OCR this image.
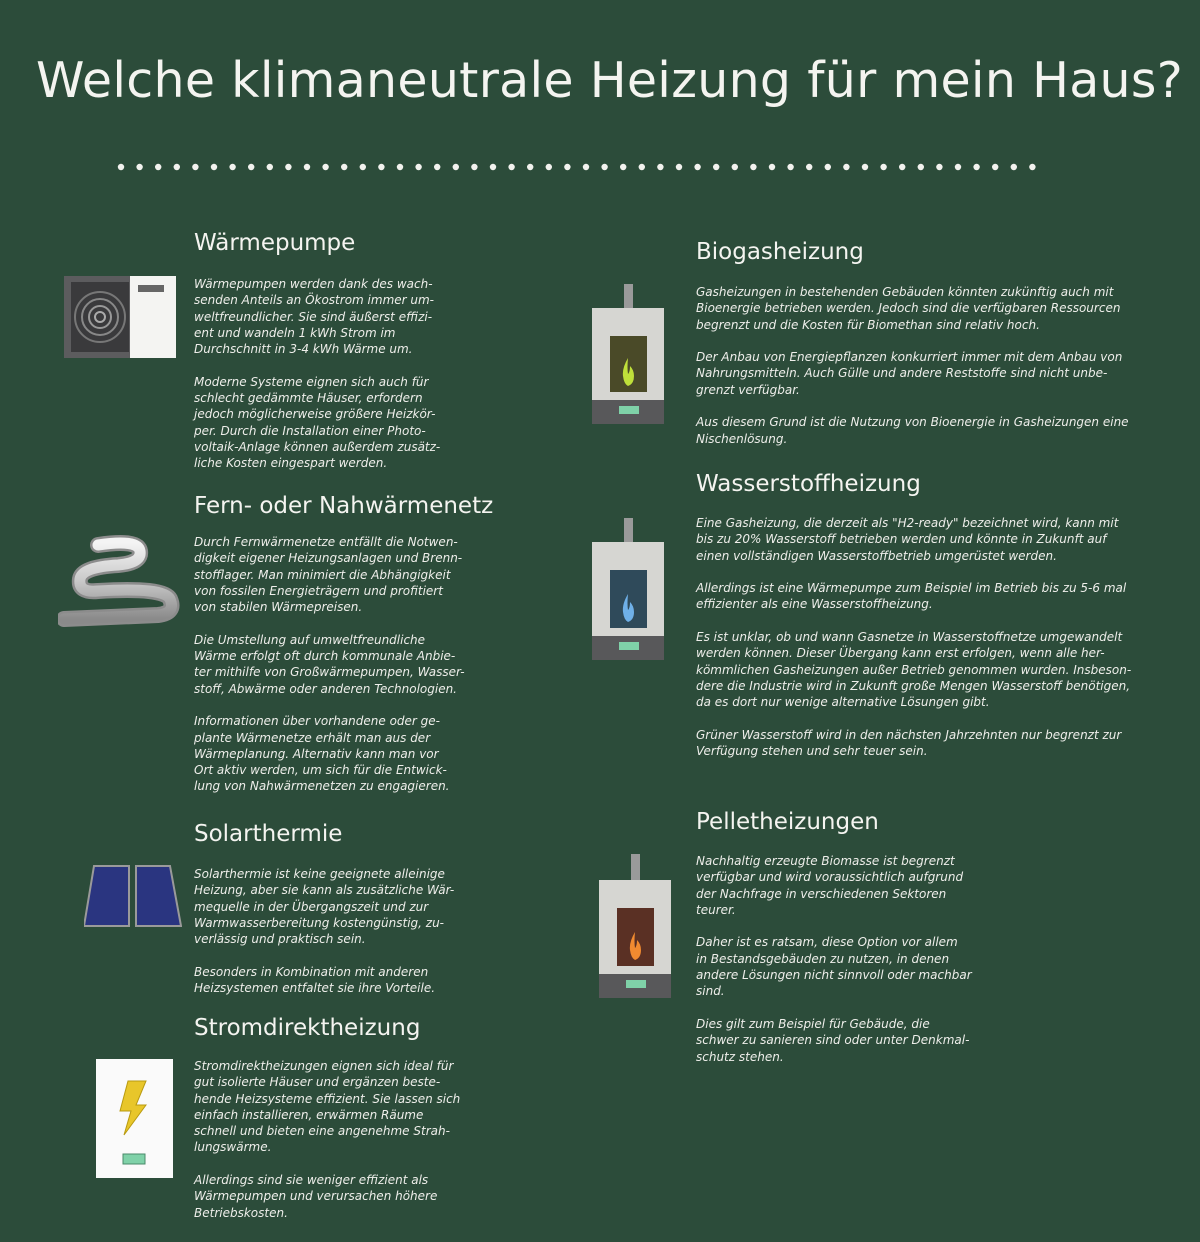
Welche klimaneutrale Heizung für mein Haus?
Wärmepumpe
Wärmepumpen werden dank des wach-
senden Anteils an Ökostrom immer um-
weltfreundlicher. Sie sind äußerst effizi-
ent und wandeln 1 kWh Strom im
Durchschnitt in 3-4 kWh Wärme um.

Moderne Systeme eignen sich auch für
schlecht gedämmte Häuser, erfordern
jedoch möglicherweise größere Heizkör-
per. Durch die Installation einer Photo-
voltaik-Anlage können außerdem zusätz-
liche Kosten eingespart werden.
Fern- oder Nahwärmenetz
Durch Fernwärmenetze entfällt die Notwen-
digkeit eigener Heizungsanlagen und Brenn-
stofflager. Man minimiert die Abhängigkeit
von fossilen Energieträgern und profitiert
von stabilen Wärmepreisen.

Die Umstellung auf umweltfreundliche
Wärme erfolgt oft durch kommunale Anbie-
ter mithilfe von Großwärmepumpen, Wasser-
stoff, Abwärme oder anderen Technologien.

Informationen über vorhandene oder ge-
plante Wärmenetze erhält man aus der
Wärmeplanung. Alternativ kann man vor
Ort aktiv werden, um sich für die Entwick-
lung von Nahwärmenetzen zu engagieren.
Solarthermie
Solarthermie ist keine geeignete alleinige
Heizung, aber sie kann als zusätzliche Wär-
mequelle in der Übergangszeit und zur
Warmwasserbereitung kostengünstig, zu-
verlässig und praktisch sein.

Besonders in Kombination mit anderen
Heizsystemen entfaltet sie ihre Vorteile.
Stromdirektheizung
Stromdirektheizungen eignen sich ideal für
gut isolierte Häuser und ergänzen beste-
hende Heizsysteme effizient. Sie lassen sich
einfach installieren, erwärmen Räume
schnell und bieten eine angenehme Strah-
lungswärme.

Allerdings sind sie weniger effizient als
Wärmepumpen und verursachen höhere
Betriebskosten.
Biogasheizung
Gasheizungen in bestehenden Gebäuden könnten zukünftig auch mit
Bioenergie betrieben werden. Jedoch sind die verfügbaren Ressourcen
begrenzt und die Kosten für Biomethan sind relativ hoch.

Der Anbau von Energiepflanzen konkurriert immer mit dem Anbau von
Nahrungsmitteln. Auch Gülle und andere Reststoffe sind nicht unbe-
grenzt verfügbar.

Aus diesem Grund ist die Nutzung von Bioenergie in Gasheizungen eine
Nischenlösung.
Wasserstoffheizung
Eine Gasheizung, die derzeit als "H2-ready" bezeichnet wird, kann mit
bis zu 20% Wasserstoff betrieben werden und könnte in Zukunft auf
einen vollständigen Wasserstoffbetrieb umgerüstet werden.

Allerdings ist eine Wärmepumpe zum Beispiel im Betrieb bis zu 5-6 mal
effizienter als eine Wasserstoffheizung.

Es ist unklar, ob und wann Gasnetze in Wasserstoffnetze umgewandelt
werden können. Dieser Übergang kann erst erfolgen, wenn alle her-
kömmlichen Gasheizungen außer Betrieb genommen wurden. Insbeson-
dere die Industrie wird in Zukunft große Mengen Wasserstoff benötigen,
da es dort nur wenige alternative Lösungen gibt.

Grüner Wasserstoff wird in den nächsten Jahrzehnten nur begrenzt zur
Verfügung stehen und sehr teuer sein.
Pelletheizungen
Nachhaltig erzeugte Biomasse ist begrenzt
verfügbar und wird voraussichtlich aufgrund
der Nachfrage in verschiedenen Sektoren
teurer.

Daher ist es ratsam, diese Option vor allem
in Bestandsgebäuden zu nutzen, in denen
andere Lösungen nicht sinnvoll oder machbar
sind.

Dies gilt zum Beispiel für Gebäude, die
schwer zu sanieren sind oder unter Denkmal-
schutz stehen.
